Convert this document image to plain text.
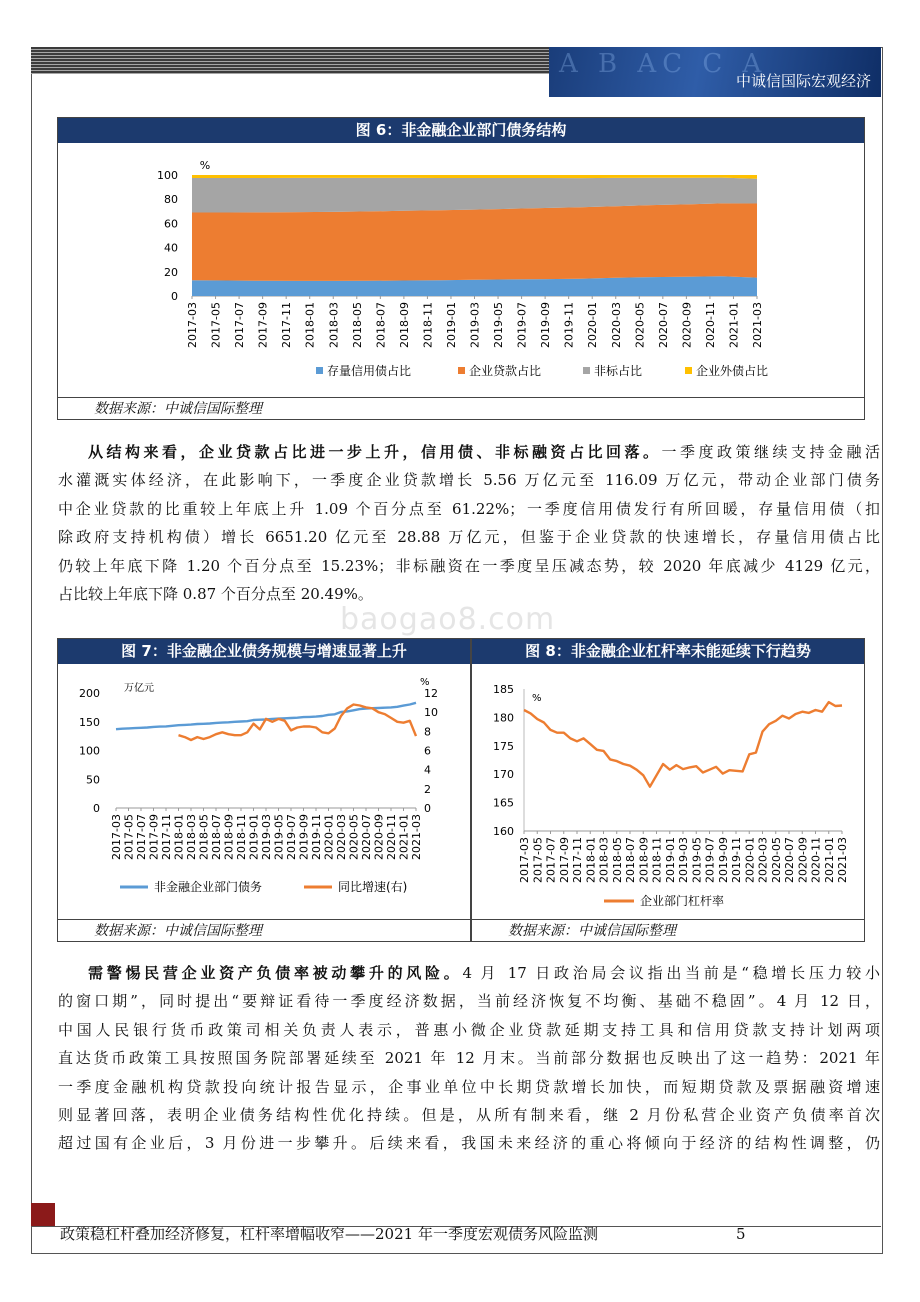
A B AC C A
中诚信国际宏观经济
图 6：非金融企业部门债务结构
0
20
40
60
80
100
%
2017-03 2017-05 2017-07 2017-09 2017-11 2018-01 2018-03 2018-05 2018-07 2018-09 2018-11 2019-01 2019-03 2019-05 2019-07 2019-09 2019-11 2020-01 2020-03 2020-05 2020-07 2020-09 2020-11 2021-01 2021-03
存量信用债占比	企业贷款占比	非标占比	企业外债占比
数据来源：中诚信国际整理
从结构来看，企业贷款占比进一步上升，信用债、非标融资占比回落。一季度政策继续支持金融活
水灌溉实体经济，在此影响下，一季度企业贷款增长 5.56 万亿元至 116.09 万亿元，带动企业部门债务
中企业贷款的比重较上年底上升 1.09 个百分点至 61.22%；一季度信用债发行有所回暖，存量信用债（扣
除政府支持机构债）增长 6651.20 亿元至 28.88 万亿元，但鉴于企业贷款的快速增长，存量信用债占比
仍较上年底下降 1.20 个百分点至 15.23%；非标融资在一季度呈压减态势，较 2020 年底减少 4129 亿元，
占比较上年底下降 0.87 个百分点至 20.49%。
baogao8.com
图 7：非金融企业债务规模与增速显著上升
0
50
100
150
200
0
2
4
6
8
10
12
万亿元
%
2017-03 2017-05 2017-07 2017-09 2017-11 2018-01 2018-03 2018-05 2018-07 2018-09 2018-11 2019-01 2019-03 2019-05 2019-07 2019-09 2019-11 2020-01 2020-03 2020-05 2020-07 2020-09 2020-11 2021-01 2021-03
非金融企业部门债务	同比增速(右)
数据来源：中诚信国际整理
图 8：非金融企业杠杆率未能延续下行趋势
160
165
170
175
180
185
%
2017-03 2017-05 2017-07 2017-09 2017-11 2018-01 2018-03 2018-05 2018-07 2018-09 2018-11 2019-01 2019-03 2019-05 2019-07 2019-09 2019-11 2020-01 2020-03 2020-05 2020-07 2020-09 2020-11 2021-01 2021-03
企业部门杠杆率
数据来源：中诚信国际整理
需警惕民营企业资产负债率被动攀升的风险。4 月 17 日政治局会议指出当前是“稳增长压力较小
的窗口期”，同时提出“要辩证看待一季度经济数据，当前经济恢复不均衡、基础不稳固”。4 月 12 日，
中国人民银行货币政策司相关负责人表示，普惠小微企业贷款延期支持工具和信用贷款支持计划两项
直达货币政策工具按照国务院部署延续至 2021 年 12 月末。当前部分数据也反映出了这一趋势：2021 年
一季度金融机构贷款投向统计报告显示，企事业单位中长期贷款增长加快，而短期贷款及票据融资增速
则显著回落，表明企业债务结构性优化持续。但是，从所有制来看，继 2 月份私营企业资产负债率首次
超过国有企业后，3 月份进一步攀升。后续来看，我国未来经济的重心将倾向于经济的结构性调整，仍
政策稳杠杆叠加经济修复，杠杆率增幅收窄——2021 年一季度宏观债务风险监测	5
